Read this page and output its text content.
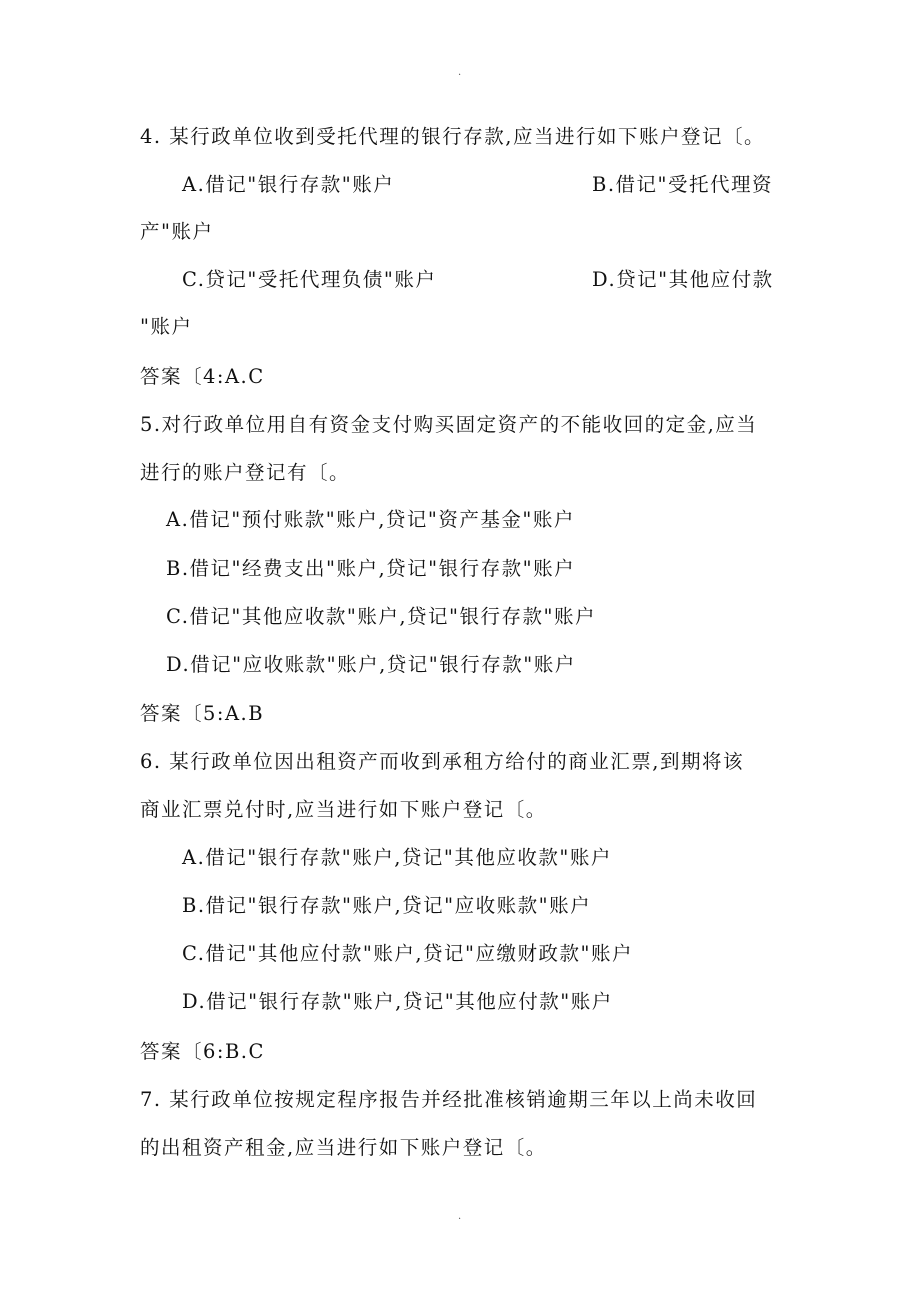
.
4. 某行政单位收到受托代理的银行存款,应当进行如下账户登记〔。
A.借记"银行存款"账户	B.借记"受托代理资
产"账户
C.贷记"受托代理负债"账户	D.贷记"其他应付款
"账户
答案〔4:A.C
5.对行政单位用自有资金支付购买固定资产的不能收回的定金,应当
进行的账户登记有〔。
A.借记"预付账款"账户,贷记"资产基金"账户
B.借记"经费支出"账户,贷记"银行存款"账户
C.借记"其他应收款"账户,贷记"银行存款"账户
D.借记"应收账款"账户,贷记"银行存款"账户
答案〔5:A.B
6. 某行政单位因出租资产而收到承租方给付的商业汇票,到期将该
商业汇票兑付时,应当进行如下账户登记〔。
A.借记"银行存款"账户,贷记"其他应收款"账户
B.借记"银行存款"账户,贷记"应收账款"账户
C.借记"其他应付款"账户,贷记"应缴财政款"账户
D.借记"银行存款"账户,贷记"其他应付款"账户
答案〔6:B.C
7. 某行政单位按规定程序报告并经批准核销逾期三年以上尚未收回
的出租资产租金,应当进行如下账户登记〔。
.
